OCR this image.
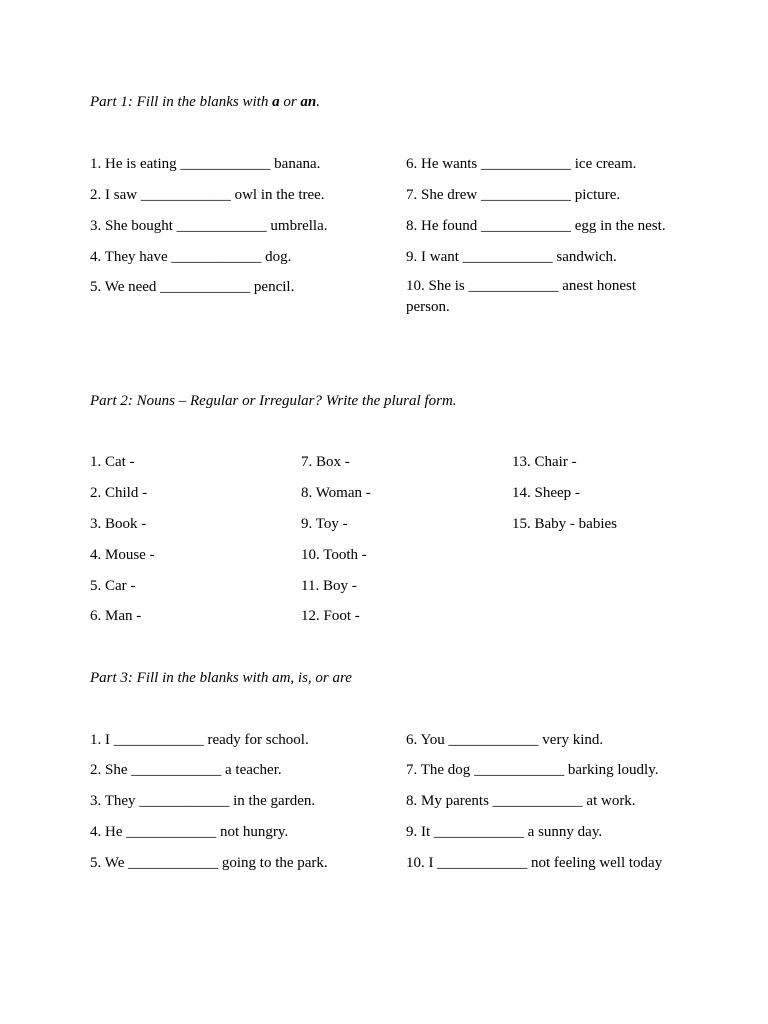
Part 1: Fill in the blanks with a or an.
1. He is eating ____________ banana.
2. I saw ____________ owl in the tree.
3. She bought ____________ umbrella.
4. They have ____________ dog.
5. We need ____________ pencil.
6. He wants ____________ ice cream.
7. She drew ____________ picture.
8. He found ____________ egg in the nest.
9. I want ____________ sandwich.
10. She is ____________ anest honest person.
Part 2: Nouns – Regular or Irregular? Write the plural form.
1. Cat -
2. Child -
3. Book -
4. Mouse -
5. Car -
6. Man -
7. Box -
8. Woman -
9. Toy -
10. Tooth -
11. Boy -
12. Foot -
13. Chair -
14. Sheep -
15. Baby - babies
Part 3: Fill in the blanks with am, is, or are
1. I ____________ ready for school.
2. She ____________ a teacher.
3. They ____________ in the garden.
4. He ____________ not hungry.
5. We ____________ going to the park.
6. You ____________ very kind.
7. The dog ____________ barking loudly.
8. My parents ____________ at work.
9. It ____________ a sunny day.
10. I ____________ not feeling well today
